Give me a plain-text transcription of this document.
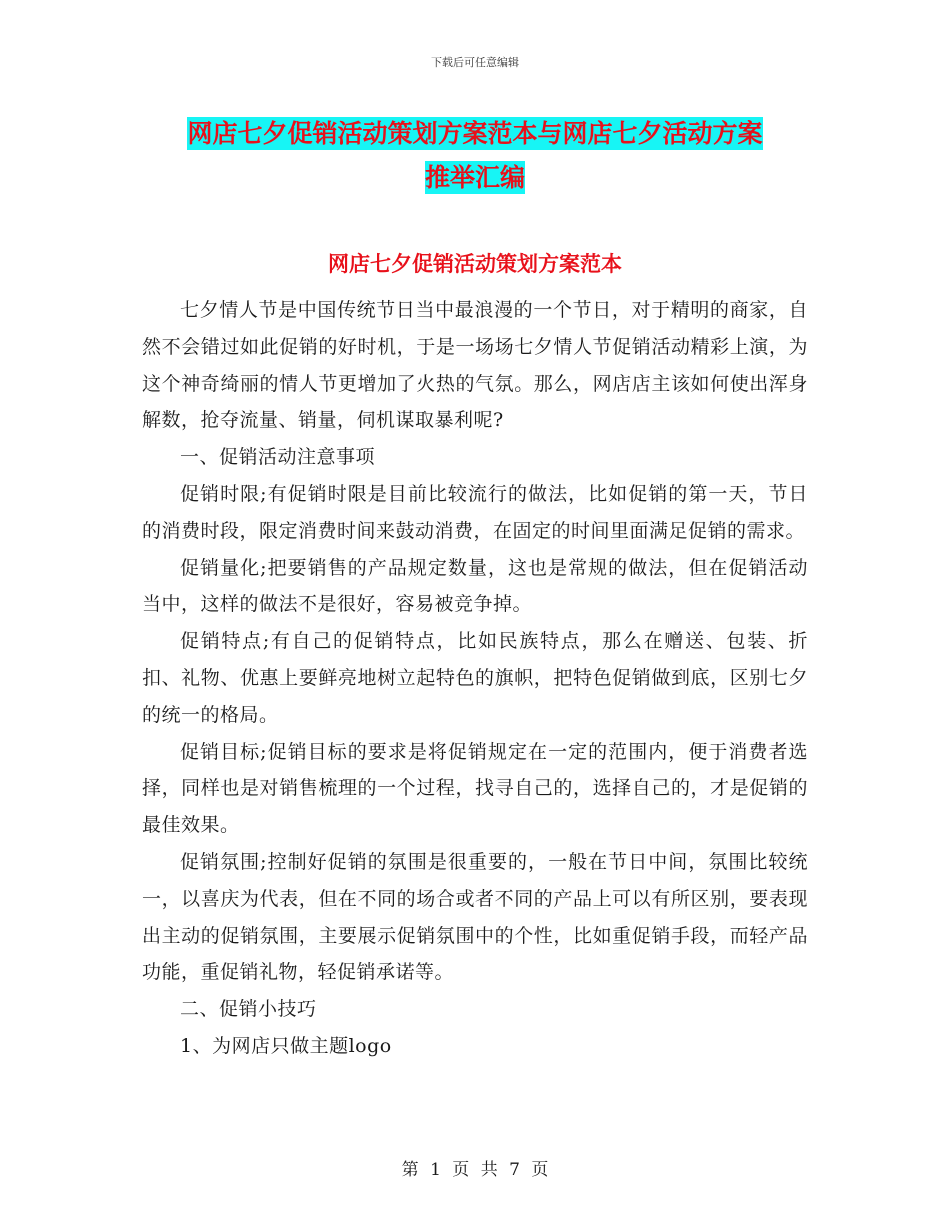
下载后可任意编辑
网店七夕促销活动策划方案范本与网店七夕活动方案
推举汇编
网店七夕促销活动策划方案范本

七夕情人节是中国传统节日当中最浪漫的一个节日，对于精明的商家，自然不会错过如此促销的好时机，于是一场场七夕情人节促销活动精彩上演，为这个神奇绮丽的情人节更增加了火热的气氛。那么，网店店主该如何使出浑身解数，抢夺流量、销量，伺机谋取暴利呢?

一、促销活动注意事项

促销时限;有促销时限是目前比较流行的做法，比如促销的第一天，节日的消费时段，限定消费时间来鼓动消费，在固定的时间里面满足促销的需求。

促销量化;把要销售的产品规定数量，这也是常规的做法，但在促销活动当中，这样的做法不是很好，容易被竞争掉。

促销特点;有自己的促销特点，比如民族特点，那么在赠送、包装、折扣、礼物、优惠上要鲜亮地树立起特色的旗帜，把特色促销做到底，区别七夕的统一的格局。

促销目标;促销目标的要求是将促销规定在一定的范围内，便于消费者选择，同样也是对销售梳理的一个过程，找寻自己的，选择自己的，才是促销的最佳效果。

促销氛围;控制好促销的氛围是很重要的，一般在节日中间，氛围比较统一，以喜庆为代表，但在不同的场合或者不同的产品上可以有所区别，要表现出主动的促销氛围，主要展示促销氛围中的个性，比如重促销手段，而轻产品功能，重促销礼物，轻促销承诺等。

二、促销小技巧

1、为网店只做主题logo

第 1 页 共 7 页
